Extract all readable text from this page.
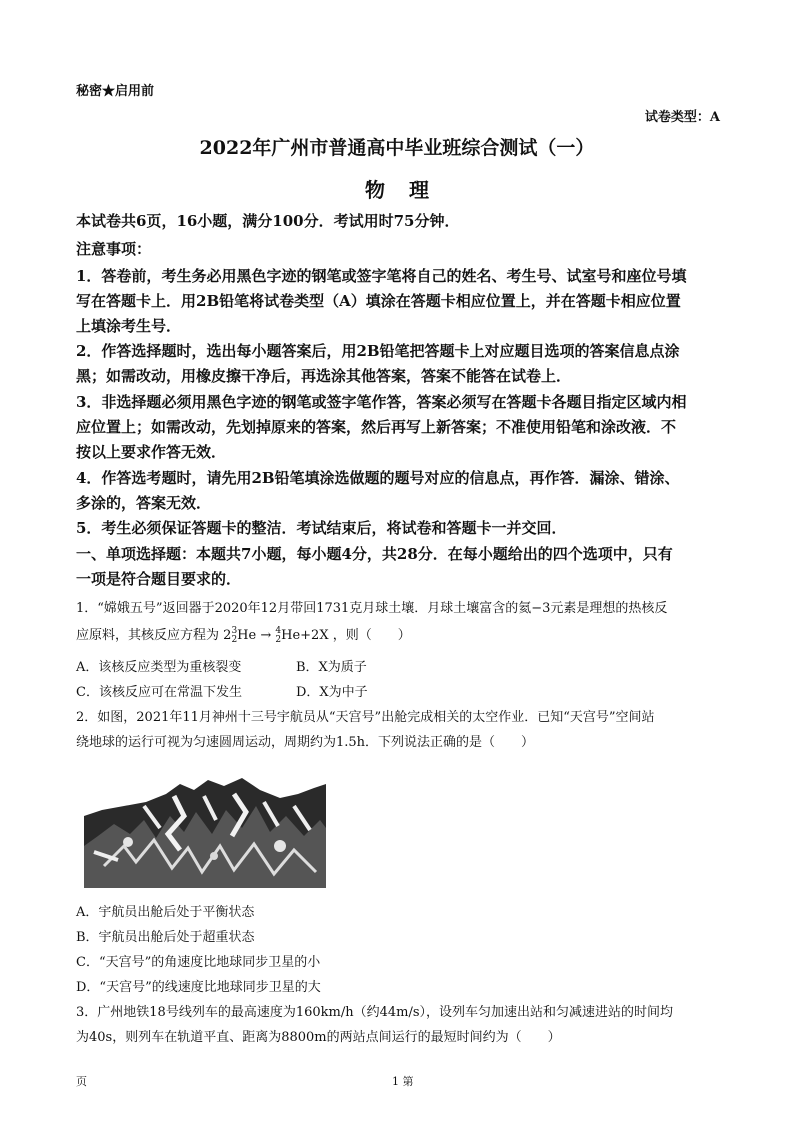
秘密★启用前
试卷类型：A
2022年广州市普通高中毕业班综合测试（一）
物 理
本试卷共6页，16小题，满分100分．考试用时75分钟．
注意事项：
1．答卷前，考生务必用黑色字迹的钢笔或签字笔将自己的姓名、考生号、试室号和座位号填
写在答题卡上．用2B铅笔将试卷类型（A）填涂在答题卡相应位置上，并在答题卡相应位置
上填涂考生号．
2．作答选择题时，选出每小题答案后，用2B铅笔把答题卡上对应题目选项的答案信息点涂
黑；如需改动，用橡皮擦干净后，再选涂其他答案，答案不能答在试卷上．
3．非选择题必须用黑色字迹的钢笔或签字笔作答，答案必须写在答题卡各题目指定区域内相
应位置上；如需改动，先划掉原来的答案，然后再写上新答案；不准使用铅笔和涂改液．不
按以上要求作答无效．
4．作答选考题时，请先用2B铅笔填涂选做题的题号对应的信息点，再作答．漏涂、错涂、
多涂的，答案无效．
5．考生必须保证答题卡的整洁．考试结束后，将试卷和答题卡一并交回．
一、单项选择题：本题共7小题，每小题4分，共28分．在每小题给出的四个选项中，只有
一项是符合题目要求的．
1．“嫦娥五号”返回器于2020年12月带回1731克月球土壤．月球土壤富含的氦−3元素是理想的热核反
应原料，其核反应方程为 2 3
2 He → 4
2 He+2X ，则（　　）
A．该核反应类型为重核裂变	B．X为质子
C．该核反应可在常温下发生	D．X为中子
2．如图，2021年11月神州十三号宇航员从“天宫号”出舱完成相关的太空作业．已知“天宫号”空间站
绕地球的运行可视为匀速圆周运动，周期约为1.5h．下列说法正确的是（　　）
A．宇航员出舱后处于平衡状态
B．宇航员出舱后处于超重状态
C．“天宫号”的角速度比地球同步卫星的小
D．“天宫号”的线速度比地球同步卫星的大
3．广州地铁18号线列车的最高速度为160km/h（约44m/s），设列车匀加速出站和匀减速进站的时间均
为40s，则列车在轨道平直、距离为8800m的两站点间运行的最短时间约为（　　）
页	1 第
